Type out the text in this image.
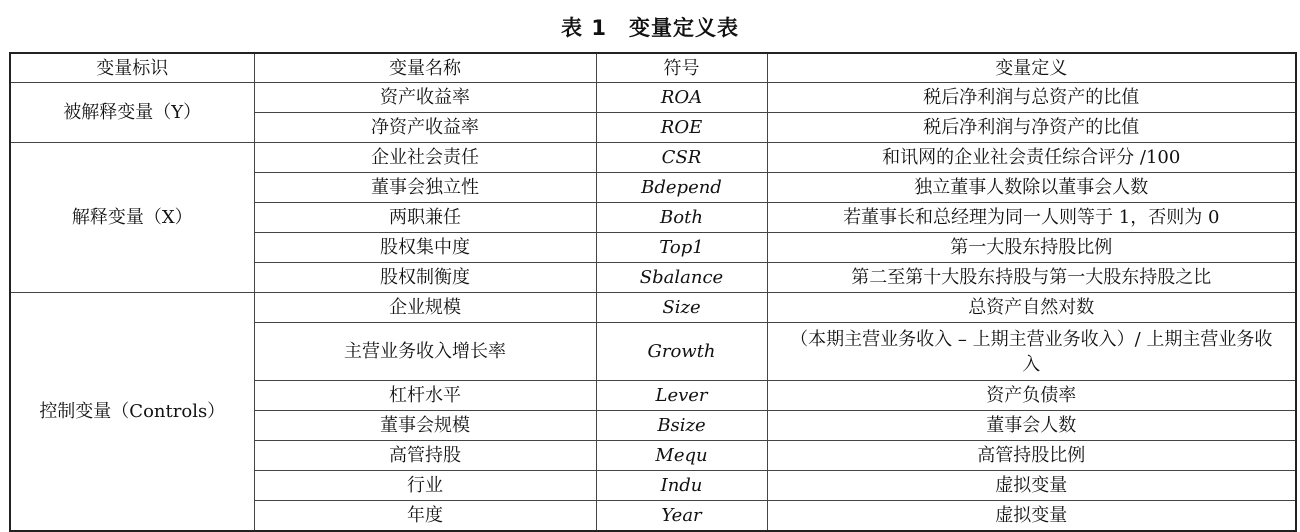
表 1　变量定义表
变量标识	变量名称	符号	变量定义
被解释变量（Y）	资产收益率	ROA	税后净利润与总资产的比值
	净资产收益率	ROE	税后净利润与净资产的比值
解释变量（X）	企业社会责任	CSR	和讯网的企业社会责任综合评分 /100
	董事会独立性	Bdepend	独立董事人数除以董事会人数
	两职兼任	Both	若董事长和总经理为同一人则等于 1，否则为 0
	股权集中度	Top1	第一大股东持股比例
	股权制衡度	Sbalance	第二至第十大股东持股与第一大股东持股之比
控制变量（Controls）	企业规模	Size	总资产自然对数
	主营业务收入增长率	Growth	（本期主营业务收入 – 上期主营业务收入）/ 上期主营业务收入
	杠杆水平	Lever	资产负债率
	董事会规模	Bsize	董事会人数
	高管持股	Mequ	高管持股比例
	行业	Indu	虚拟变量
	年度	Year	虚拟变量
